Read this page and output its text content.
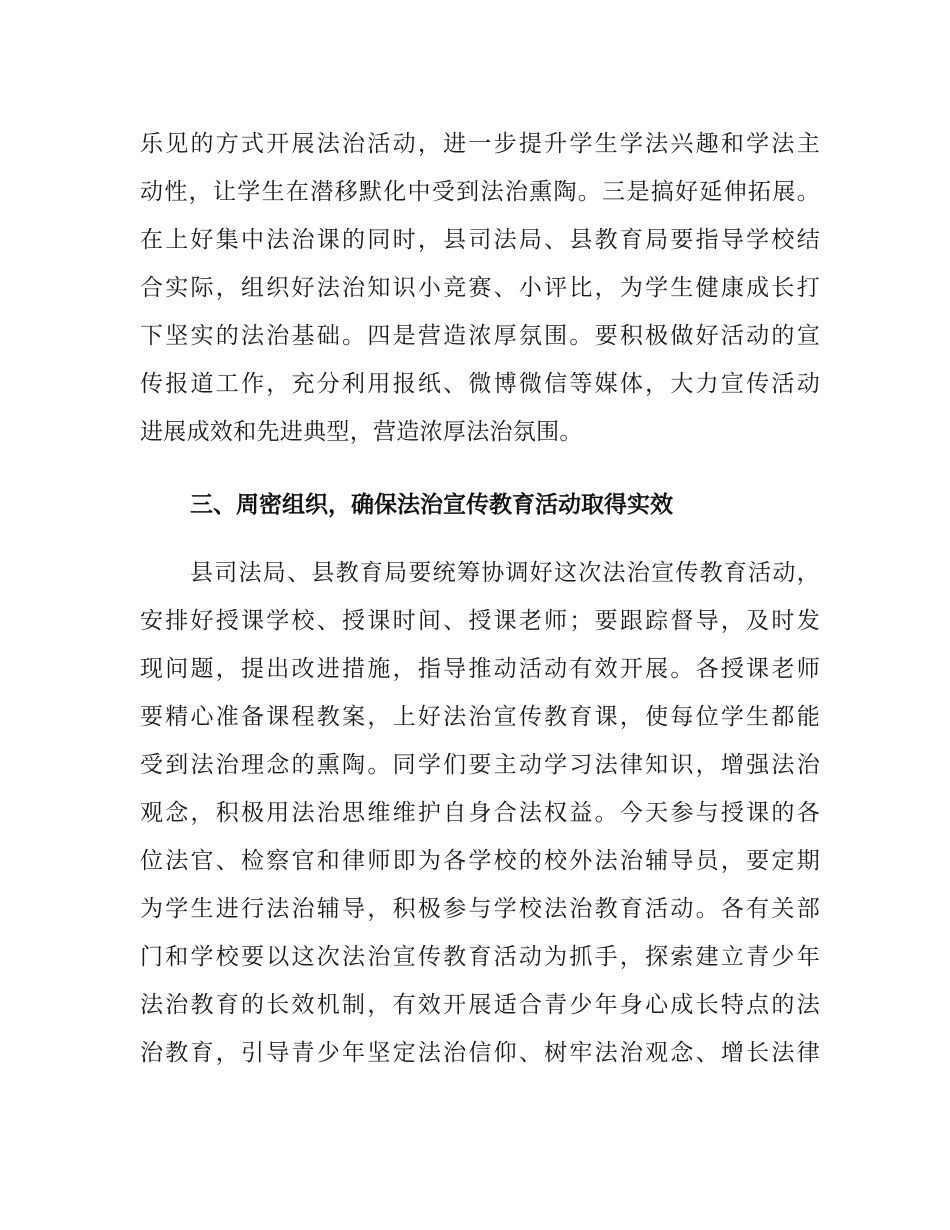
乐见的方式开展法治活动，进一步提升学生学法兴趣和学法主
动性，让学生在潜移默化中受到法治熏陶。三是搞好延伸拓展。
在上好集中法治课的同时，县司法局、县教育局要指导学校结
合实际，组织好法治知识小竞赛、小评比，为学生健康成长打
下坚实的法治基础。四是营造浓厚氛围。要积极做好活动的宣
传报道工作，充分利用报纸、微博微信等媒体，大力宣传活动
进展成效和先进典型，营造浓厚法治氛围。
三、周密组织，确保法治宣传教育活动取得实效
县司法局、县教育局要统筹协调好这次法治宣传教育活动，
安排好授课学校、授课时间、授课老师；要跟踪督导，及时发
现问题，提出改进措施，指导推动活动有效开展。各授课老师
要精心准备课程教案，上好法治宣传教育课，使每位学生都能
受到法治理念的熏陶。同学们要主动学习法律知识，增强法治
观念，积极用法治思维维护自身合法权益。今天参与授课的各
位法官、检察官和律师即为各学校的校外法治辅导员，要定期
为学生进行法治辅导，积极参与学校法治教育活动。各有关部
门和学校要以这次法治宣传教育活动为抓手，探索建立青少年
法治教育的长效机制，有效开展适合青少年身心成长特点的法
治教育，引导青少年坚定法治信仰、树牢法治观念、增长法律
